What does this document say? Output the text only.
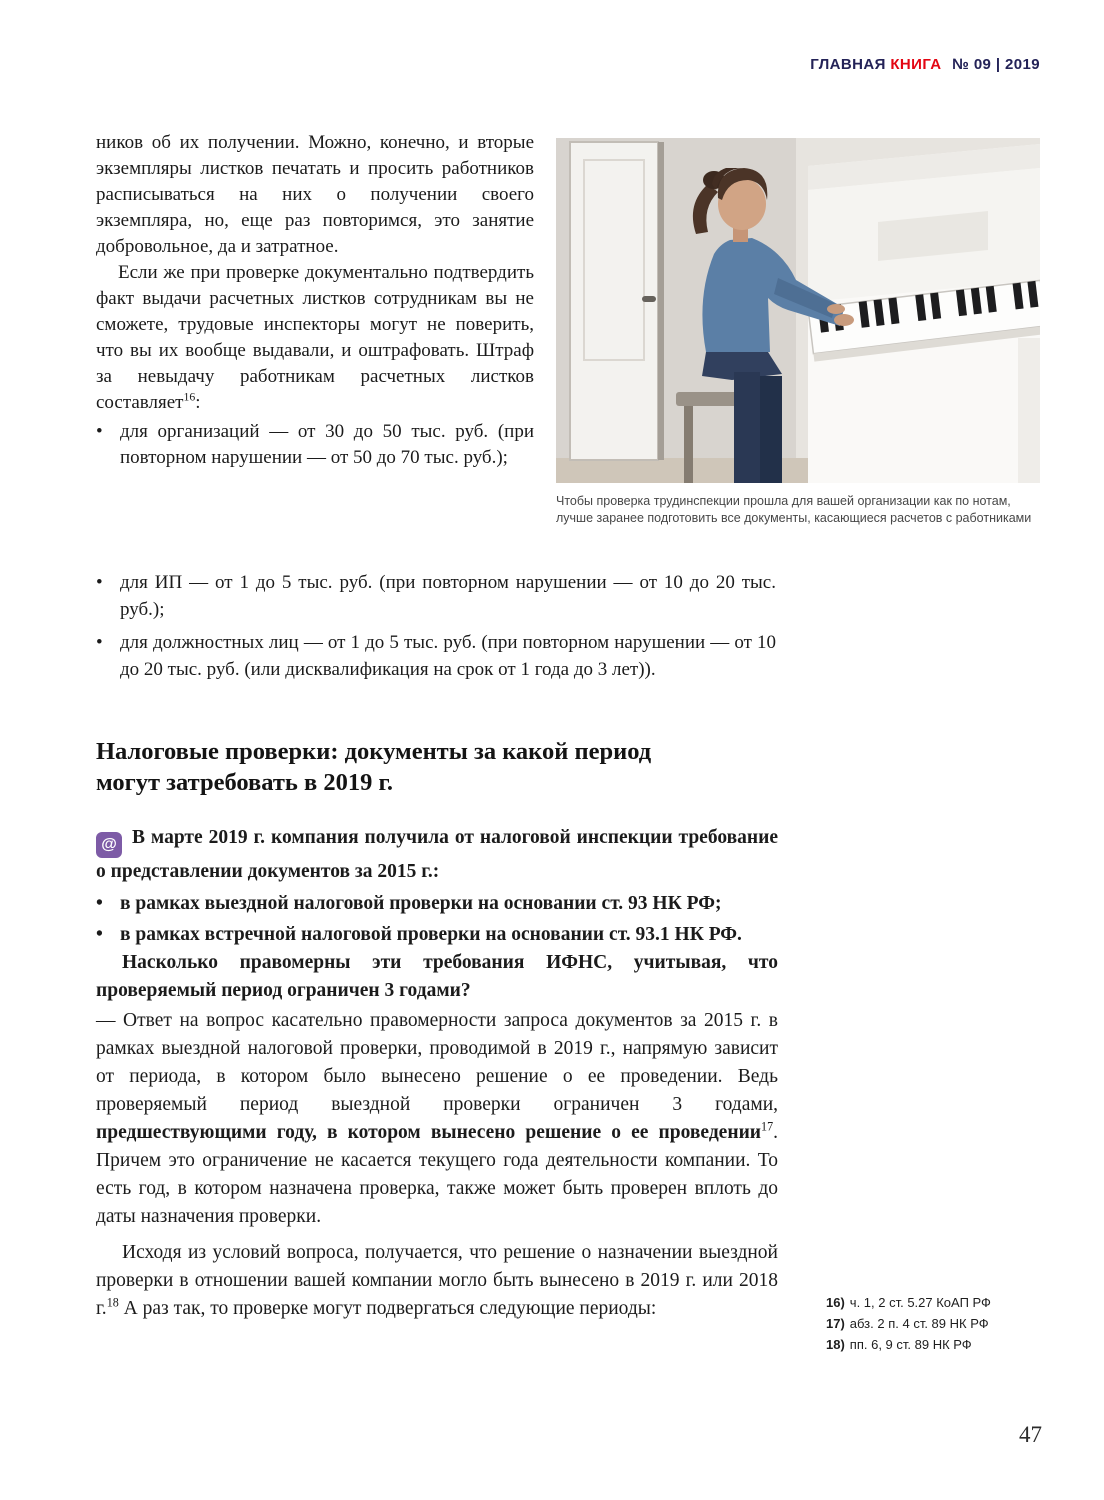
ГЛАВНАЯ КНИГА № 09 | 2019

ников об их получении. Можно, конечно, и вторые экземпляры листков печатать и просить работников расписываться на них о получении своего экземпляра, но, еще раз повторимся, это занятие добровольное, да и затратное.

Если же при проверке документально подтвердить факт выдачи расчетных листков сотрудникам вы не сможете, трудовые инспекторы могут не поверить, что вы их вообще выдавали, и оштрафовать. Штраф за невыдачу работникам расчетных листков составляет$^{16}$:

• для организаций — от 30 до 50 тыс. руб. (при повторном нарушении — от 50 до 70 тыс. руб.);
Чтобы проверка трудинспекции прошла для вашей организации как по нотам, лучше заранее подготовить все документы, касающиеся расчетов с работниками
• для ИП — от 1 до 5 тыс. руб. (при повторном нарушении — от 10 до 20 тыс. руб.);
• для должностных лиц — от 1 до 5 тыс. руб. (при повторном нарушении — от 10 до 20 тыс. руб. (или дисквалификация на срок от 1 года до 3 лет)).
Налоговые проверки: документы за какой период могут затребовать в 2019 г.

@ В марте 2019 г. компания получила от налоговой инспекции требование о представлении документов за 2015 г.:

• в рамках выездной налоговой проверки на основании ст. 93 НК РФ;
• в рамках встречной налоговой проверки на основании ст. 93.1 НК РФ.

Насколько правомерны эти требования ИФНС, учитывая, что проверяемый период ограничен 3 годами?

— Ответ на вопрос касательно правомерности запроса документов за 2015 г. в рамках выездной налоговой проверки, проводимой в 2019 г., напрямую зависит от периода, в котором было вынесено решение о ее проведении. Ведь проверяемый период выездной проверки ограничен 3 годами, предшествующими году, в котором вынесено решение о ее проведении$^{17}$. Причем это ограничение не касается текущего года деятельности компании. То есть год, в котором назначена проверка, также может быть проверен вплоть до даты назначения проверки.

Исходя из условий вопроса, получается, что решение о назначении выездной проверки в отношении вашей компании могло быть вынесено в 2019 г. или 2018 г.$^{18}$ А раз так, то проверке могут подвергаться следующие периоды:	16) ч. 1, 2 ст. 5.27 КоАП РФ
17) абз. 2 п. 4 ст. 89 НК РФ
18) пп. 6, 9 ст. 89 НК РФ
47
